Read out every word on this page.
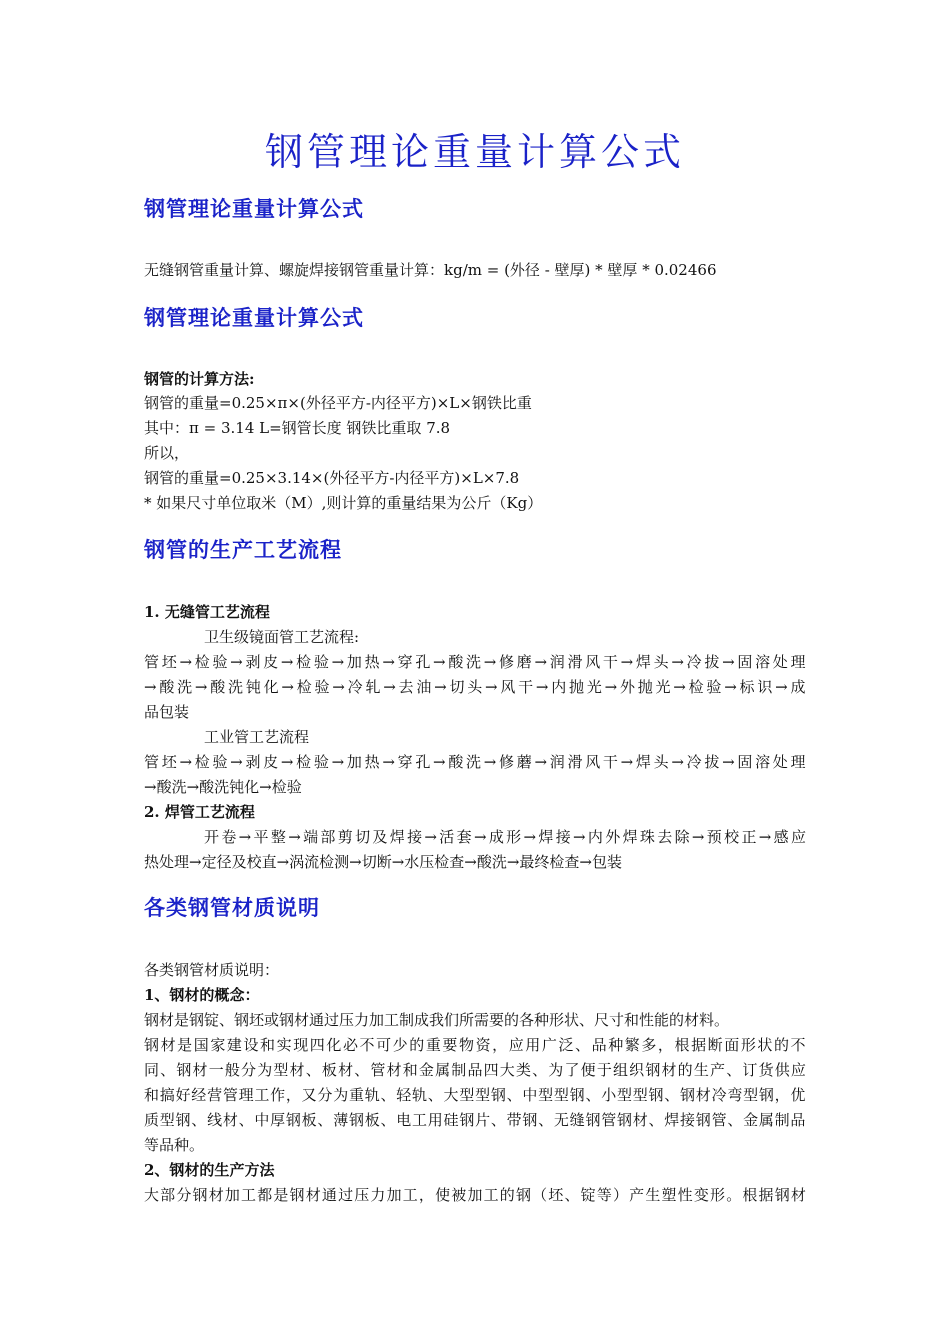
钢管理论重量计算公式
钢管理论重量计算公式
无缝钢管重量计算、螺旋焊接钢管重量计算：kg/m = (外径 - 壁厚) * 壁厚 * 0.02466
钢管理论重量计算公式
钢管的计算方法:
钢管的重量=0.25×π×(外径平方-内径平方)×L×钢铁比重
其中：π = 3.14 L=钢管长度 钢铁比重取 7.8
所以，
钢管的重量=0.25×3.14×(外径平方-内径平方)×L×7.8
* 如果尺寸单位取米（M）,则计算的重量结果为公斤（Kg）
钢管的生产工艺流程
1. 无缝管工艺流程
卫生级镜面管工艺流程:
管 坯 → 检 验 → 剥 皮 → 检 验 → 加 热 → 穿 孔 → 酸 洗 → 修 磨 → 润 滑 风 干 → 焊 头 → 冷 拔 → 固 溶 处 理
→ 酸 洗 → 酸 洗 钝 化 → 检 验 → 冷 轧 → 去 油 → 切 头 → 风 干 → 内 抛 光 → 外 抛 光 → 检 验 → 标 识 → 成
品包装
工业管工艺流程
管 坯 → 检 验 → 剥 皮 → 检 验 → 加 热 → 穿 孔 → 酸 洗 → 修 蘑 → 润 滑 风 干 → 焊 头 → 冷 拔 → 固 溶 处 理
→酸洗→酸洗钝化→检验
2. 焊管工艺流程
开 卷 → 平 整 → 端 部 剪 切 及 焊 接 → 活 套 → 成 形 → 焊 接 → 内 外 焊 珠 去 除 → 预 校 正 → 感 应
热处理→定径及校直→涡流检测→切断→水压检查→酸洗→最终检查→包装
各类钢管材质说明
各类钢管材质说明：
1、钢材的概念：
钢材是钢锭、钢坯或钢材通过压力加工制成我们所需要的各种形状、尺寸和性能的材料。
钢 材 是 国 家 建 设 和 实 现 四 化 必 不 可 少 的 重 要 物 资 ， 应 用 广 泛 、 品 种 繁 多 ， 根 据 断 面 形 状 的 不
同 、 钢 材 一 般 分 为 型 材 、 板 材 、 管 材 和 金 属 制 品 四 大 类 、 为 了 便 于 组 织 钢 材 的 生 产 、 订 货 供 应
和 搞 好 经 营 管 理 工 作 ， 又 分 为 重 轨 、 轻 轨 、 大 型 型 钢 、 中 型 型 钢 、 小 型 型 钢 、 钢 材 冷 弯 型 钢 ， 优
质 型 钢 、 线 材 、 中 厚 钢 板 、 薄 钢 板 、 电 工 用 硅 钢 片 、 带 钢 、 无 缝 钢 管 钢 材 、 焊 接 钢 管 、 金 属 制 品
等品种。
2、钢材的生产方法
大 部 分 钢 材 加 工 都 是 钢 材 通 过 压 力 加 工 ， 使 被 加 工 的 钢 （ 坯 、 锭 等 ） 产 生 塑 性 变 形 。 根 据 钢 材
